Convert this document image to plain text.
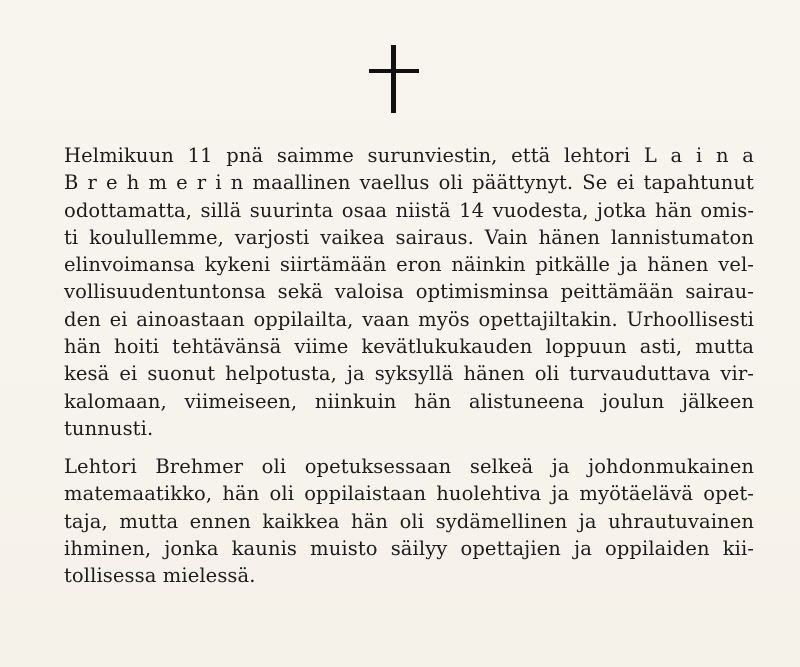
Helmikuun 11 pnä saimme surunviestin, että lehtori L a i n a
B r e h m e r i n maallinen vaellus oli päättynyt. Se ei tapahtunut
odottamatta, sillä suurinta osaa niistä 14 vuodesta, jotka hän omis-
ti koulullemme, varjosti vaikea sairaus. Vain hänen lannistumaton
elinvoimansa kykeni siirtämään eron näinkin pitkälle ja hänen vel-
vollisuudentuntonsa sekä valoisa optimisminsa peittämään sairau-
den ei ainoastaan oppilailta, vaan myös opettajiltakin. Urhoollisesti
hän hoiti tehtävänsä viime kevätlukukauden loppuun asti, mutta
kesä ei suonut helpotusta, ja syksyllä hänen oli turvauduttava vir-
kalomaan, viimeiseen, niinkuin hän alistuneena joulun jälkeen
tunnusti.
Lehtori Brehmer oli opetuksessaan selkeä ja johdonmukainen
matemaatikko, hän oli oppilaistaan huolehtiva ja myötäelävä opet-
taja, mutta ennen kaikkea hän oli sydämellinen ja uhrautuvainen
ihminen, jonka kaunis muisto säilyy opettajien ja oppilaiden kii-
tollisessa mielessä.
